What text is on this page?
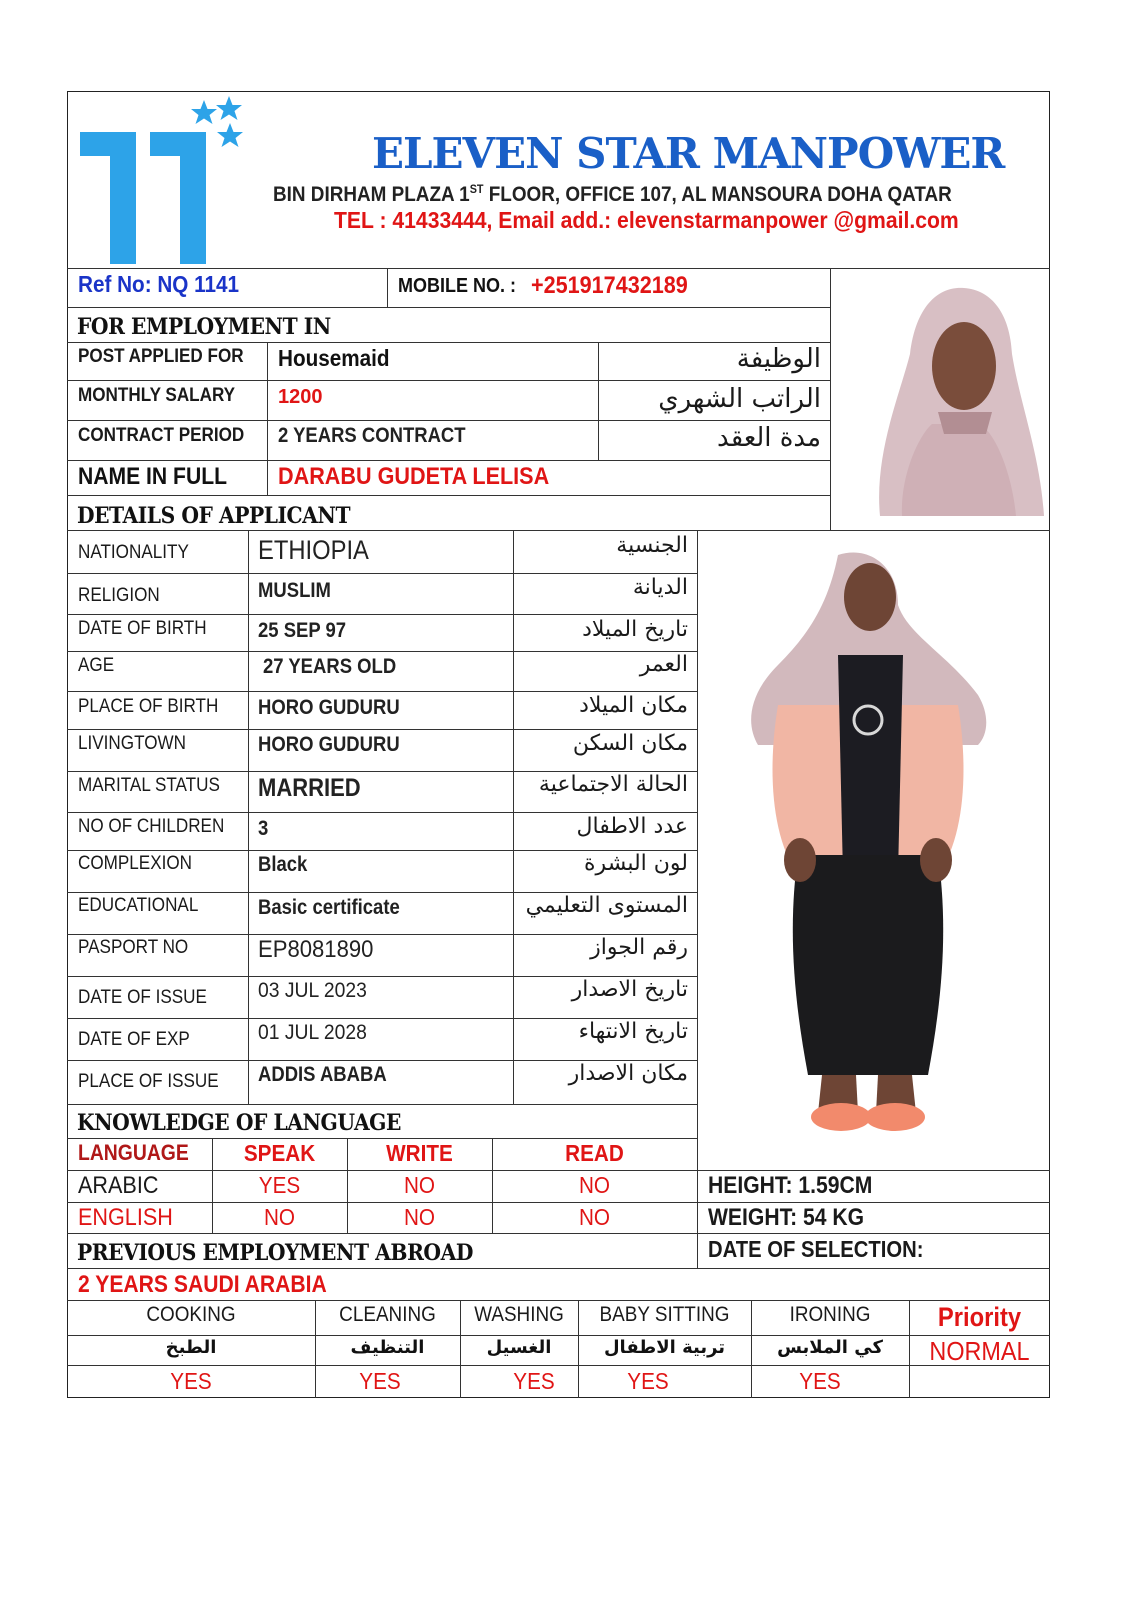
ELEVEN STAR MANPOWER
BIN DIRHAM PLAZA 1ST FLOOR, OFFICE 107, AL MANSOURA DOHA QATAR
TEL : 41433444, Email add.: elevenstarmanpower @gmail.com
Ref No: NQ 1141	MOBILE NO. : +251917432189
FOR EMPLOYMENT IN
POST APPLIED FOR Housemaid	الوظيفة
MONTHLY SALARY 1200	الراتب الشهري
CONTRACT PERIOD 2 YEARS CONTRACT	مدة العقد
NAME IN FULL DARABU GUDETA LELISA
DETAILS OF APPLICANT
NATIONALITY	ETHIOPIA	الجنسية
RELIGION	MUSLIM	الديانة
DATE OF BIRTH 25 SEP 97	تاريخ الميلاد
AGE	27 YEARS OLD	العمر
PLACE OF BIRTH HORO GUDURU	مكان الميلاد
LIVINGTOWN	HORO GUDURU	مكان السكن
MARITAL STATUS MARRIED	الحالة الاجتماعية
NO OF CHILDREN 3	عدد الاطفال
COMPLEXION	Black	لون البشرة
EDUCATIONAL	Basic certificate	المستوى التعليمي
PASPORT NO	EP8081890	رقم الجواز
DATE OF ISSUE 03 JUL 2023	تاريخ الاصدار
DATE OF EXP	01 JUL 2028	تاريخ الانتهاء
PLACE OF ISSUE ADDIS ABABA	مكان الاصدار
KNOWLEDGE OF LANGUAGE
LANGUAGE	SPEAK	WRITE	READ
ARABIC	YES	NO	NO
ENGLISH	NO	NO	NO
HEIGHT: 1.59CM
WEIGHT: 54 KG
DATE OF SELECTION:
PREVIOUS EMPLOYMENT ABROAD
2 YEARS SAUDI ARABIA
COOKING	CLEANING	WASHING	BABY SITTING	IRONING	Priority
الطبخ	التنظيف	الغسيل	تربية الاطفال	كي الملابس	NORMAL
YES	YES	YES	YES	YES
